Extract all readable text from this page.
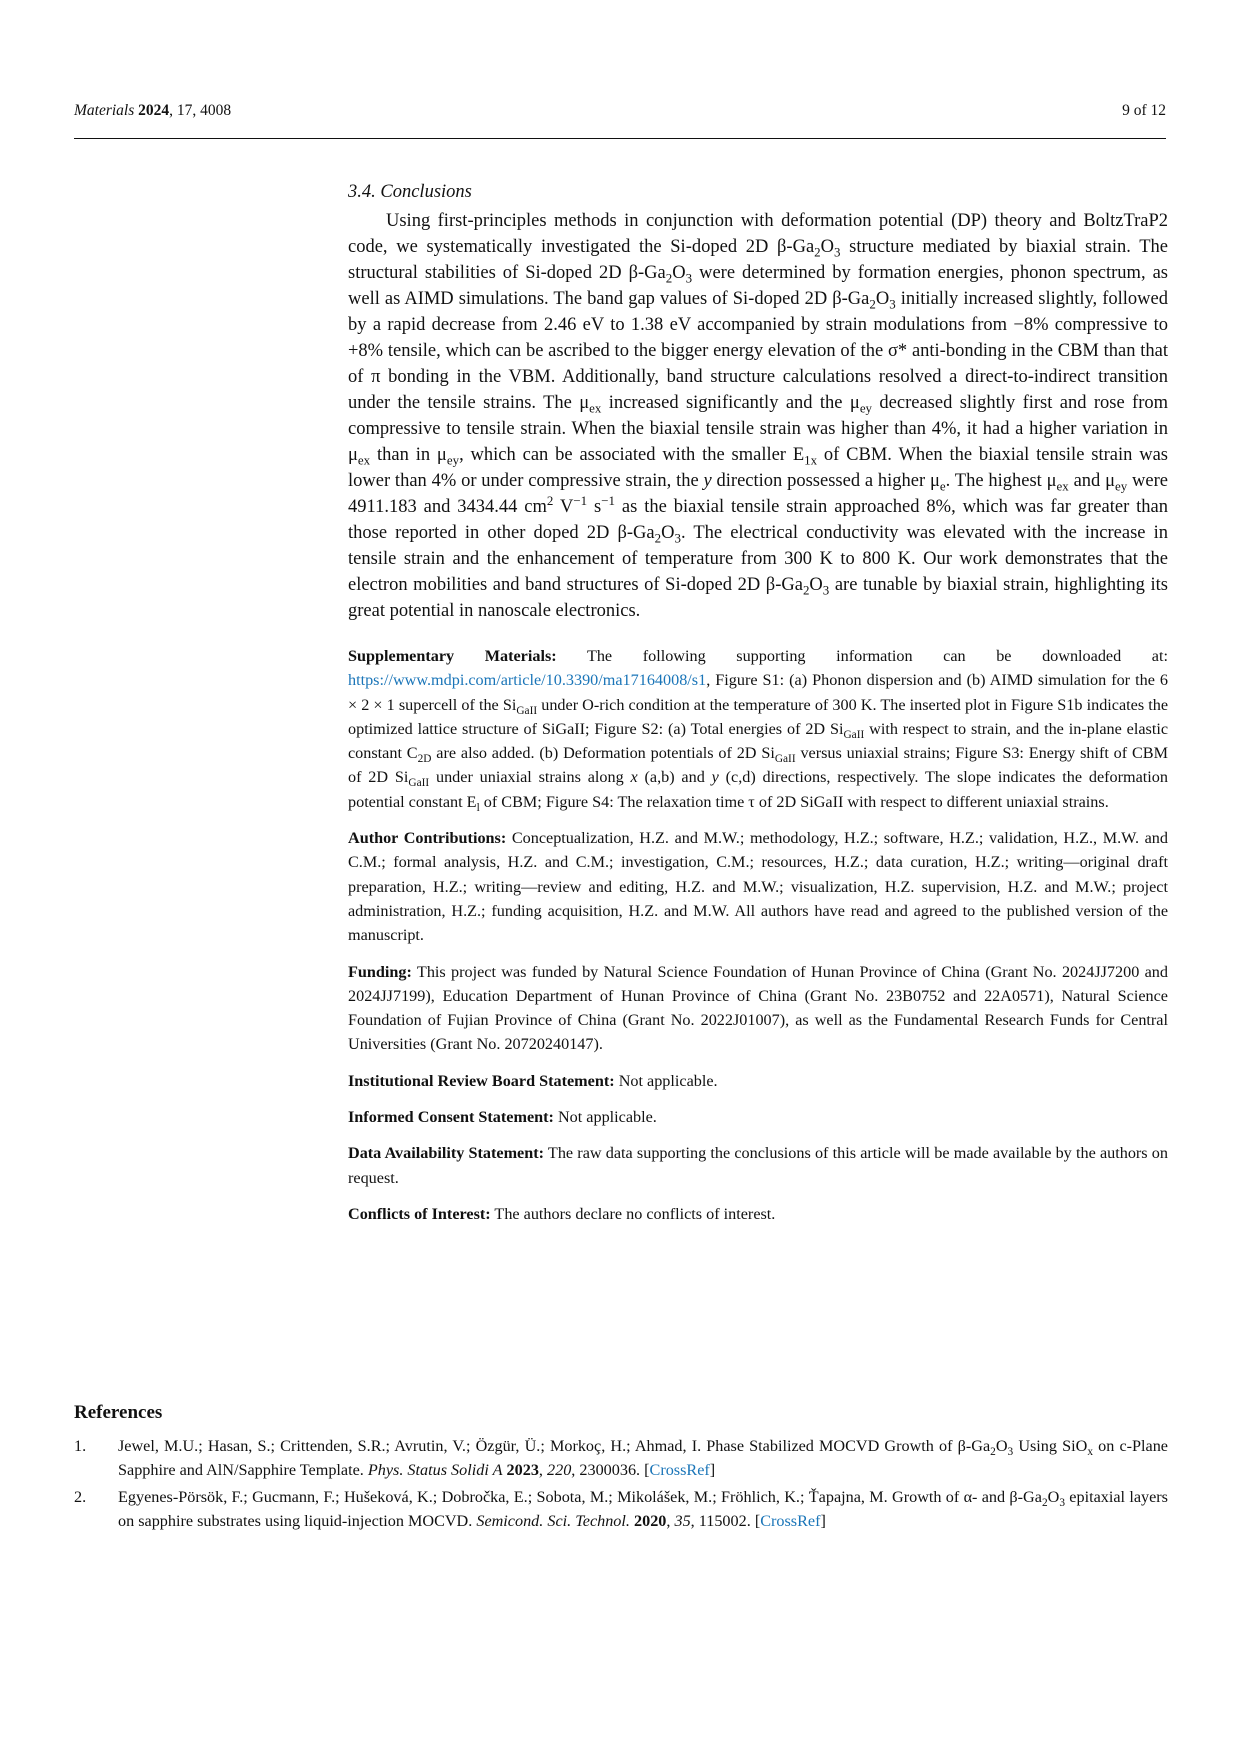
Materials 2024, 17, 4008	9 of 12
3.4. Conclusions

Using first-principles methods in conjunction with deformation potential (DP) theory and BoltzTraP2 code, we systematically investigated the Si-doped 2D $\beta-Ga_2O_3$ structure mediated by biaxial strain. The structural stabilities of Si-doped 2D $\beta-Ga_2O_3$ were determined by formation energies, phonon spectrum, as well as AIMD simulations. The band gap values of Si-doped 2D $\beta-Ga_2O_3$ initially increased slightly, followed by a rapid decrease from 2.46 eV to 1.38 eV accompanied by strain modulations from −8% compressive to +8% tensile, which can be ascribed to the bigger energy elevation of the σ* anti-bonding in the CBM than that of π bonding in the VBM. Additionally, band structure calculations resolved a direct-to-indirect transition under the tensile strains. The $\mu_{ex}$ increased significantly and the $\mu_{ey}$ decreased slightly first and rose from compressive to tensile strain. When the biaxial tensile strain was higher than 4%, it had a higher variation in $\mu_{ex}$ than in $\mu_{ey}$, which can be associated with the smaller $E_{1x}$ of CBM. When the biaxial tensile strain was lower than 4% or under compressive strain, the y direction possessed a higher $\mu_e$. The highest $\mu_{ex}$ and $\mu_{ey}$ were 4911.183 and 3434.44 $cm^2$ $V^{-1}$ $s^{-1}$ as the biaxial tensile strain approached 8%, which was far greater than those reported in other doped 2D $\beta-Ga_2O_3$. The electrical conductivity was elevated with the increase in tensile strain and the enhancement of temperature from 300 K to 800 K. Our work demonstrates that the electron mobilities and band structures of Si-doped 2D $\beta-Ga_2O_3$ are tunable by biaxial strain, highlighting its great potential in nanoscale electronics.

Supplementary Materials: The following supporting information can be downloaded at: https://www.mdpi.com/article/10.3390/ma17164008/s1, Figure S1: (a) Phonon dispersion and (b) AIMD simulation for the 6 × 2 × 1 supercell of the $Si_{GaII}$ under O-rich condition at the temperature of 300 K. The inserted plot in Figure S1b indicates the optimized lattice structure of SiGaII; Figure S2: (a) Total energies of 2D $Si_{GaII}$ with respect to strain, and the in-plane elastic constant $C_{2D}$ are also added. (b) Deformation potentials of 2D $Si_{GaII}$ versus uniaxial strains; Figure S3: Energy shift of CBM of 2D $Si_{GaII}$ under uniaxial strains along x (a,b) and y (c,d) directions, respectively. The slope indicates the deformation potential constant $E_l$ of CBM; Figure S4: The relaxation time τ of 2D SiGaII with respect to different uniaxial strains.

Author Contributions: Conceptualization, H.Z. and M.W.; methodology, H.Z.; software, H.Z.; validation, H.Z., M.W. and C.M.; formal analysis, H.Z. and C.M.; investigation, C.M.; resources, H.Z.; data curation, H.Z.; writing—original draft preparation, H.Z.; writing—review and editing, H.Z. and M.W.; visualization, H.Z. supervision, H.Z. and M.W.; project administration, H.Z.; funding acquisition, H.Z. and M.W. All authors have read and agreed to the published version of the manuscript.

Funding: This project was funded by Natural Science Foundation of Hunan Province of China (Grant No. 2024JJ7200 and 2024JJ7199), Education Department of Hunan Province of China (Grant No. 23B0752 and 22A0571), Natural Science Foundation of Fujian Province of China (Grant No. 2022J01007), as well as the Fundamental Research Funds for Central Universities (Grant No. 20720240147).

Institutional Review Board Statement: Not applicable.

Informed Consent Statement: Not applicable.

Data Availability Statement: The raw data supporting the conclusions of this article will be made available by the authors on request.

Conflicts of Interest: The authors declare no conflicts of interest.

References
1. Jewel, M.U.; Hasan, S.; Crittenden, S.R.; Avrutin, V.; Özgür, Ü.; Morkoç, H.; Ahmad, I. Phase Stabilized MOCVD Growth of $\beta-Ga_2O_3$ Using SiO$_x$ on c-Plane Sapphire and AlN/Sapphire Template. Phys. Status Solidi A 2023, 220, 2300036. [CrossRef]
2. Egyenes-Pörsök, F.; Gucmann, F.; Hušeková, K.; Dobročka, E.; Sobota, M.; Mikolášek, M.; Fröhlich, K.; Ťapajna, M. Growth of α- and $\beta-Ga_2O_3$ epitaxial layers on sapphire substrates using liquid-injection MOCVD. Semicond. Sci. Technol. 2020, 35, 115002. [CrossRef]
